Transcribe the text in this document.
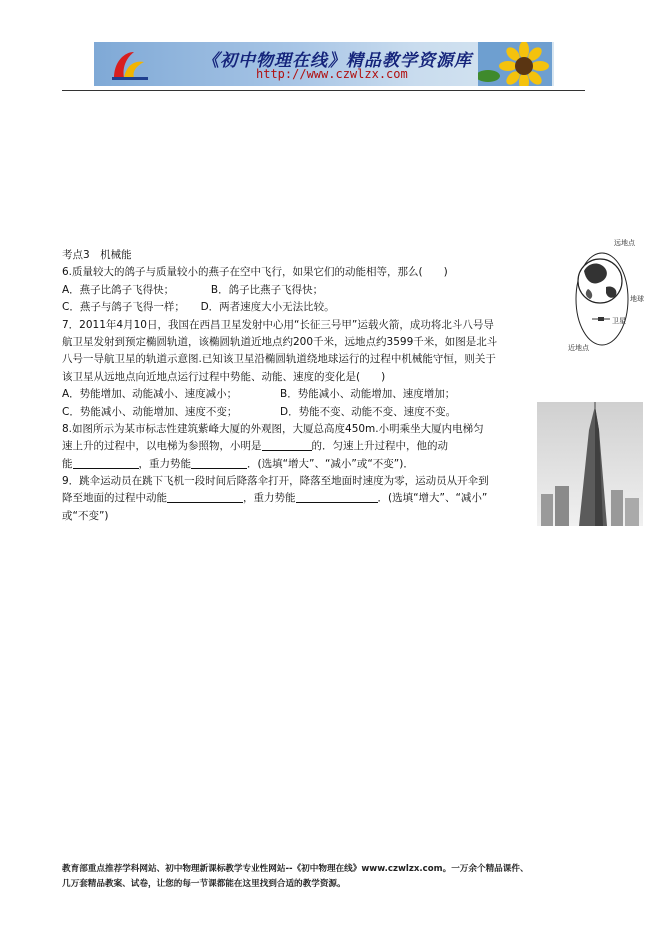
《初中物理在线》精品教学资源库
http://www.czwlzx.com
考点3　机械能
6.质量较大的鸽子与质量较小的燕子在空中飞行，如果它们的动能相等，那么(　　)
A．燕子比鸽子飞得快；　　　　B．鸽子比燕子飞得快；
C．燕子与鸽子飞得一样；　　D．两者速度大小无法比较。
7．2011年4月10日，我国在西昌卫星发射中心用“长征三号甲”运载火箭，成功将北斗八号导
航卫星发射到预定椭圆轨道，该椭圆轨道近地点约200千米，远地点约3599千米，如图是北斗
八号一导航卫星的轨道示意图.已知该卫星沿椭圆轨道绕地球运行的过程中机械能守恒，则关于
该卫星从远地点向近地点运行过程中势能、动能、速度的变化是(　　)
A．势能增加、动能减小、速度减小；	B．势能减小、动能增加、速度增加；
C．势能减小、动能增加、速度不变；	D．势能不变、动能不变、速度不变。
8.如图所示为某市标志性建筑紫峰大厦的外观图，大厦总高度450m.小明乘坐大厦内电梯匀
速上升的过程中，以电梯为参照物，小明是	的．匀速上升过程中，他的动
能	，重力势能	．(选填“增大”、“减小”或“不变”)．
9．跳伞运动员在跳下飞机一段时间后降落伞打开，降落至地面时速度为零，运动员从开伞到
降至地面的过程中动能	，重力势能	．(选填“增大”、“减小”
或“不变”)
远地点
地球
卫星
近地点
教育部重点推荐学科网站、初中物理新课标教学专业性网站--《初中物理在线》www.czwlzx.com。一万余个精品课件、
几万套精品教案、试卷，让您的每一节课都能在这里找到合适的教学资源。
